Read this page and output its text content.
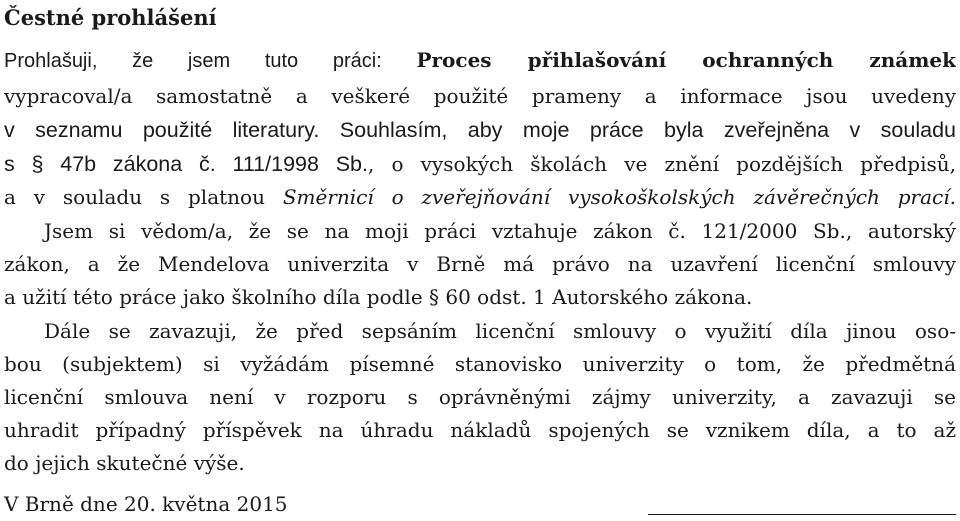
Čestné prohlášení
Prohlašuji, že jsem tuto práci: Proces přihlašování ochranných známek
vypracoval/a samostatně a veškeré použité prameny a informace jsou uvedeny
v seznamu použité literatury. Souhlasím, aby moje práce byla zveřejněna v souladu
s § 47b zákona č. 111/1998 Sb., o vysokých školách ve znění pozdějších předpisů,
a v souladu s platnou Směrnicí o zveřejňování vysokoškolských závěrečných prací.
Jsem si vědom/a, že se na moji práci vztahuje zákon č. 121/2000 Sb., autorský
zákon, a že Mendelova univerzita v Brně má právo na uzavření licenční smlouvy
a užití této práce jako školního díla podle § 60 odst. 1 Autorského zákona.
Dále se zavazuji, že před sepsáním licenční smlouvy o využití díla jinou oso-
bou (subjektem) si vyžádám písemné stanovisko univerzity o tom, že předmětná
licenční smlouva není v rozporu s oprávněnými zájmy univerzity, a zavazuji se
uhradit případný příspěvek na úhradu nákladů spojených se vznikem díla, a to až
do jejich skutečné výše.
V Brně dne 20. května 2015
